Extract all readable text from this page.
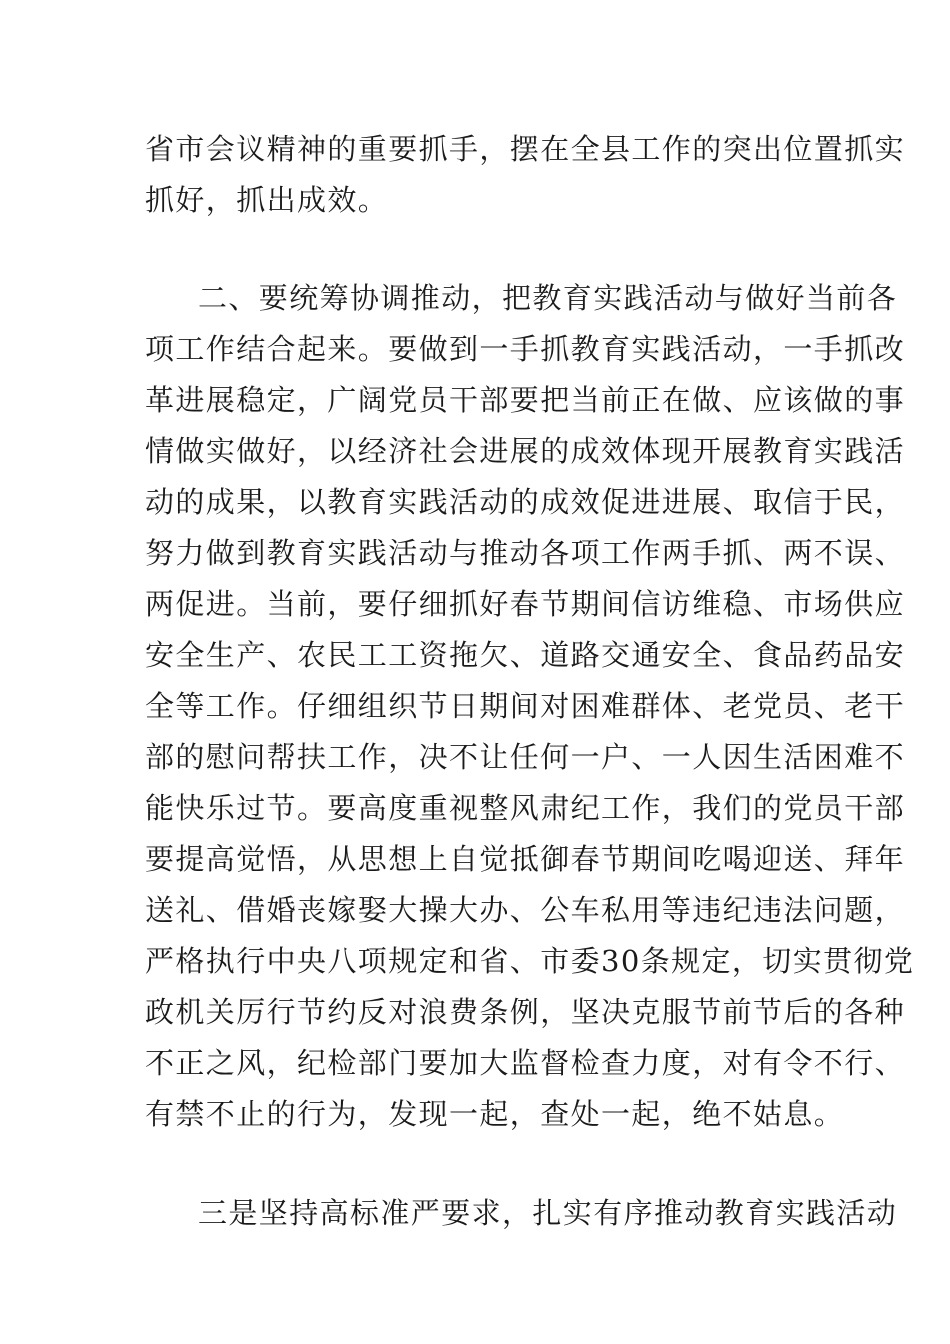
省市会议精神的重要抓手，摆在全县工作的突出位置抓实

抓好，抓出成效。

二、要统筹协调推动，把教育实践活动与做好当前各

项工作结合起来。要做到一手抓教育实践活动，一手抓改

革进展稳定，广阔党员干部要把当前正在做、应该做的事

情做实做好，以经济社会进展的成效体现开展教育实践活

动的成果，以教育实践活动的成效促进进展、取信于民，

努力做到教育实践活动与推动各项工作两手抓、两不误、

两促进。当前，要仔细抓好春节期间信访维稳、市场供应

安全生产、农民工工资拖欠、道路交通安全、食品药品安

全等工作。仔细组织节日期间对困难群体、老党员、老干

部的慰问帮扶工作，决不让任何一户、一人因生活困难不

能快乐过节。要高度重视整风肃纪工作，我们的党员干部

要提高觉悟，从思想上自觉抵御春节期间吃喝迎送、拜年

送礼、借婚丧嫁娶大操大办、公车私用等违纪违法问题，

严格执行中央八项规定和省、市委30条规定，切实贯彻党

政机关厉行节约反对浪费条例，坚决克服节前节后的各种

不正之风，纪检部门要加大监督检查力度，对有令不行、

有禁不止的行为，发现一起，查处一起，绝不姑息。

三是坚持高标准严要求，扎实有序推动教育实践活动
